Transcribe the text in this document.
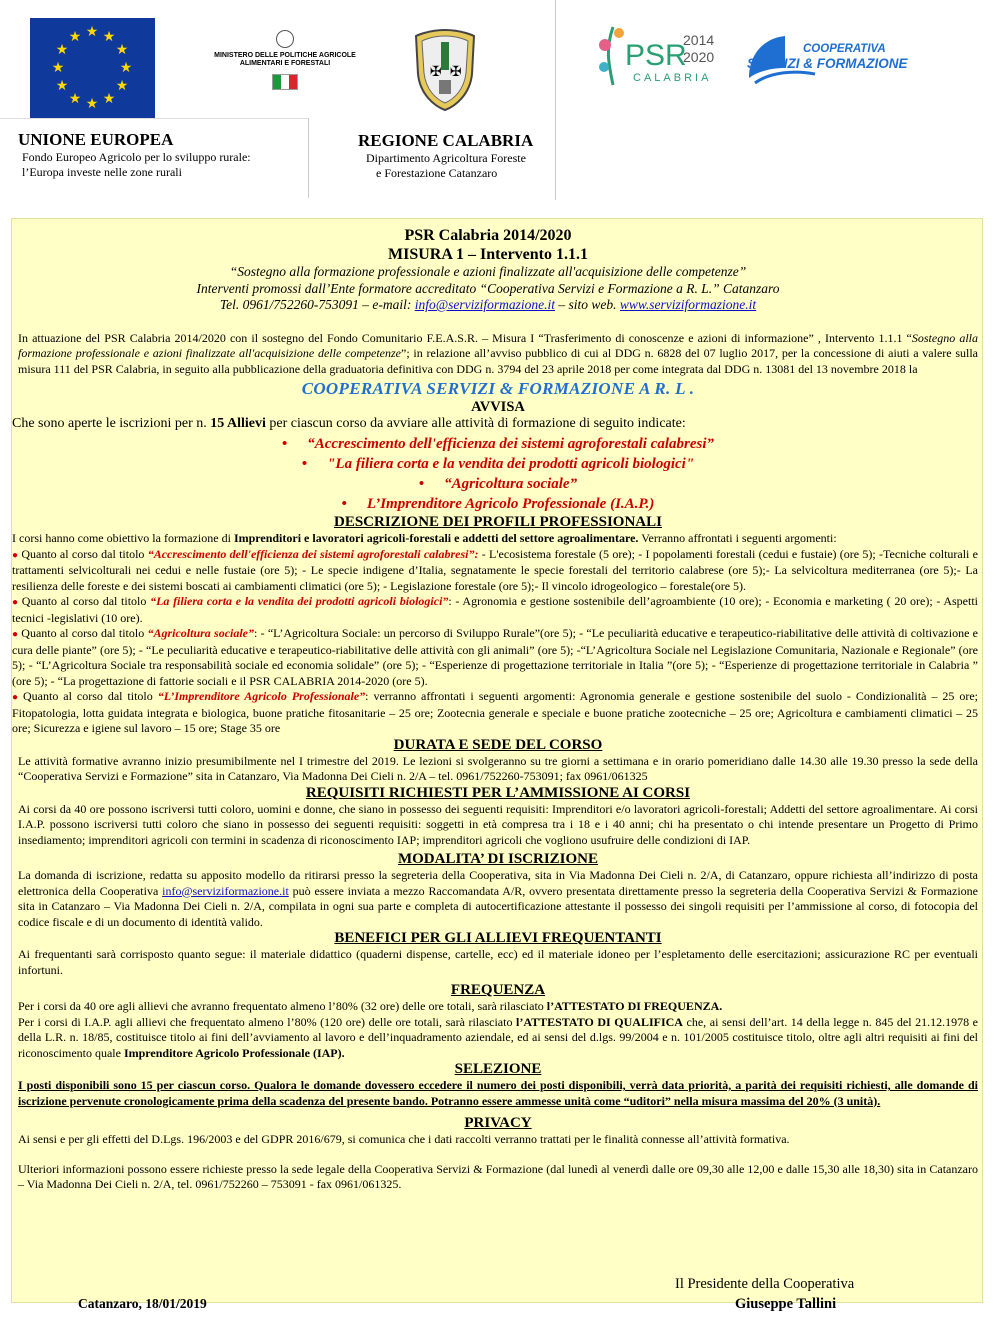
★ ★
★
★
★
★
★
★
★
★
★
★
MINISTERO DELLE POLITICHE AGRICOLE
ALIMENTARI E FORESTALI
✠ ✠	PSR
2014
2020
CALABRIA
COOPERATIVA
SERVIZI & FORMAZIONE
UNIONE EUROPEA
Fondo Europeo Agricolo per lo sviluppo rurale:
l’Europa investe nelle zone rurali
REGIONE CALABRIA
Dipartimento Agricoltura Foreste
e Forestazione Catanzaro
PSR Calabria 2014/2020
MISURA 1 – Intervento 1.1.1
“Sostegno alla formazione professionale e azioni finalizzate all'acquisizione delle competenze”
Interventi promossi dall’Ente formatore accreditato “Cooperativa Servizi e Formazione a R. L.” Catanzaro
Tel. 0961/752260-753091 – e-mail: info@serviziformazione.it – sito web. www.serviziformazione.it

In attuazione del PSR Calabria 2014/2020 con il sostegno del Fondo Comunitario F.E.A.S.R. – Misura I “Trasferimento di conoscenze e azioni di informazione” , Intervento 1.1.1 “Sostegno alla formazione professionale e azioni finalizzate all'acquisizione delle competenze”; in relazione all’avviso pubblico di cui al DDG n. 6828 del 07 luglio 2017, per la concessione di aiuti a valere sulla misura 111 del PSR Calabria, in seguito alla pubblicazione della graduatoria definitiva con DDG n. 3794 del 23 aprile 2018 per come integrata dal DDG n. 13081 del 13 novembre 2018 la

COOPERATIVA SERVIZI & FORMAZIONE A R. L .
AVVISA

Che sono aperte le iscrizioni per n. 15 Allievi per ciascun corso da avviare alle attività di formazione di seguito indicate:

• “Accrescimento dell'efficienza dei sistemi agroforestali calabresi”
• "La filiera corta e la vendita dei prodotti agricoli biologici"
• “Agricoltura sociale”
• L’Imprenditore Agricolo Professionale (I.A.P.)
DESCRIZIONE DEI PROFILI PROFESSIONALI

I corsi hanno come obiettivo la formazione di Imprenditori e lavoratori agricoli-forestali e addetti del settore agroalimentare. Verranno affrontati i seguenti argomenti:

● Quanto al corso dal titolo “Accrescimento dell'efficienza dei sistemi agroforestali calabresi”: - L'ecosistema forestale (5 ore); - I popolamenti forestali (cedui e fustaie) (ore 5); -Tecniche colturali e trattamenti selvicolturali nei cedui e nelle fustaie (ore 5); - Le specie indigene d’Italia, segnatamente le specie forestali del territorio calabrese (ore 5);- La selvicoltura mediterranea (ore 5);- La resilienza delle foreste e dei sistemi boscati ai cambiamenti climatici (ore 5); - Legislazione forestale (ore 5);- Il vincolo idrogeologico – forestale(ore 5).

● Quanto al corso dal titolo “La filiera corta e la vendita dei prodotti agricoli biologici”: - Agronomia e gestione sostenibile dell’agroambiente (10 ore); - Economia e marketing ( 20 ore); - Aspetti tecnici -legislativi (10 ore).

● Quanto al corso dal titolo “Agricoltura sociale”: - “L’Agricoltura Sociale: un percorso di Sviluppo Rurale”(ore 5); - “Le peculiarità educative e terapeutico-riabilitative delle attività di coltivazione e cura delle piante” (ore 5); - “Le peculiarità educative e terapeutico-riabilitative delle attività con gli animali” (ore 5); -“L’Agricoltura Sociale nel Legislazione Comunitaria, Nazionale e Regionale” (ore 5); - “L’Agricoltura Sociale tra responsabilità sociale ed economia solidale” (ore 5); - “Esperienze di progettazione territoriale in Italia ”(ore 5); - “Esperienze di progettazione territoriale in Calabria ” (ore 5); - “La progettazione di fattorie sociali e il PSR CALABRIA 2014-2020 (ore 5).

● Quanto al corso dal titolo “L’Imprenditore Agricolo Professionale”: verranno affrontati i seguenti argomenti: Agronomia generale e gestione sostenibile del suolo - Condizionalità – 25 ore; Fitopatologia, lotta guidata integrata e biologica, buone pratiche fitosanitarie – 25 ore; Zootecnia generale e speciale e buone pratiche zootecniche – 25 ore; Agricoltura e cambiamenti climatici – 25 ore; Sicurezza e igiene sul lavoro – 15 ore; Stage 35 ore

DURATA E SEDE DEL CORSO

Le attività formative avranno inizio presumibilmente nel I trimestre del 2019. Le lezioni si svolgeranno su tre giorni a settimana e in orario pomeridiano dalle 14.30 alle 19.30 presso la sede della “Cooperativa Servizi e Formazione” sita in Catanzaro, Via Madonna Dei Cieli n. 2/A – tel. 0961/752260-753091; fax 0961/061325

REQUISITI RICHIESTI PER L’AMMISSIONE AI CORSI

Ai corsi da 40 ore possono iscriversi tutti coloro, uomini e donne, che siano in possesso dei seguenti requisiti: Imprenditori e/o lavoratori agricoli-forestali; Addetti del settore agroalimentare. Ai corsi I.A.P. possono iscriversi tutti coloro che siano in possesso dei seguenti requisiti: soggetti in età compresa tra i 18 e i 40 anni; chi ha presentato o chi intende presentare un Progetto di Primo insediamento; imprenditori agricoli con termini in scadenza di riconoscimento IAP; imprenditori agricoli che vogliono usufruire delle condizioni di IAP.

MODALITA’ DI ISCRIZIONE

La domanda di iscrizione, redatta su apposito modello da ritirarsi presso la segreteria della Cooperativa, sita in Via Madonna Dei Cieli n. 2/A, di Catanzaro, oppure richiesta all’indirizzo di posta elettronica della Cooperativa info@serviziformazione.it può essere inviata a mezzo Raccomandata A/R, ovvero presentata direttamente presso la segreteria della Cooperativa Servizi & Formazione sita in Catanzaro – Via Madonna Dei Cieli n. 2/A, compilata in ogni sua parte e completa di autocertificazione attestante il possesso dei singoli requisiti per l’ammissione al corso, di fotocopia del codice fiscale e di un documento di identità valido.

BENEFICI PER GLI ALLIEVI FREQUENTANTI

Ai frequentanti sarà corrisposto quanto segue: il materiale didattico (quaderni dispense, cartelle, ecc) ed il materiale idoneo per l’espletamento delle esercitazioni; assicurazione RC per eventuali infortuni.

FREQUENZA

Per i corsi da 40 ore agli allievi che avranno frequentato almeno l’80% (32 ore) delle ore totali, sarà rilasciato l’ATTESTATO DI FREQUENZA.

Per i corsi di I.A.P. agli allievi che frequentato almeno l’80% (120 ore) delle ore totali, sarà rilasciato l’ATTESTATO DI QUALIFICA che, ai sensi dell’art. 14 della legge n. 845 del 21.12.1978 e della L.R. n. 18/85, costituisce titolo ai fini dell’avviamento al lavoro e dell’inquadramento aziendale, ed ai sensi del d.lgs. 99/2004 e n. 101/2005 costituisce titolo, oltre agli altri requisiti ai fini del riconoscimento quale Imprenditore Agricolo Professionale (IAP).

SELEZIONE

I posti disponibili sono 15 per ciascun corso. Qualora le domande dovessero eccedere il numero dei posti disponibili, verrà data priorità, a parità dei requisiti richiesti, alle domande di iscrizione pervenute cronologicamente prima della scadenza del presente bando. Potranno essere ammesse unità come “uditori” nella misura massima del 20% (3 unità).

PRIVACY

Ai sensi e per gli effetti del D.Lgs. 196/2003 e del GDPR 2016/679, si comunica che i dati raccolti verranno trattati per le finalità connesse all’attività formativa.

Ulteriori informazioni possono essere richieste presso la sede legale della Cooperativa Servizi & Formazione (dal lunedì al venerdì dalle ore 09,30 alle 12,00 e dalle 15,30 alle 18,30) sita in Catanzaro – Via Madonna Dei Cieli n. 2/A, tel. 0961/752260 – 753091 - fax 0961/061325.

Il Presidente della Cooperativa
Giuseppe Tallini
Catanzaro, 18/01/2019
